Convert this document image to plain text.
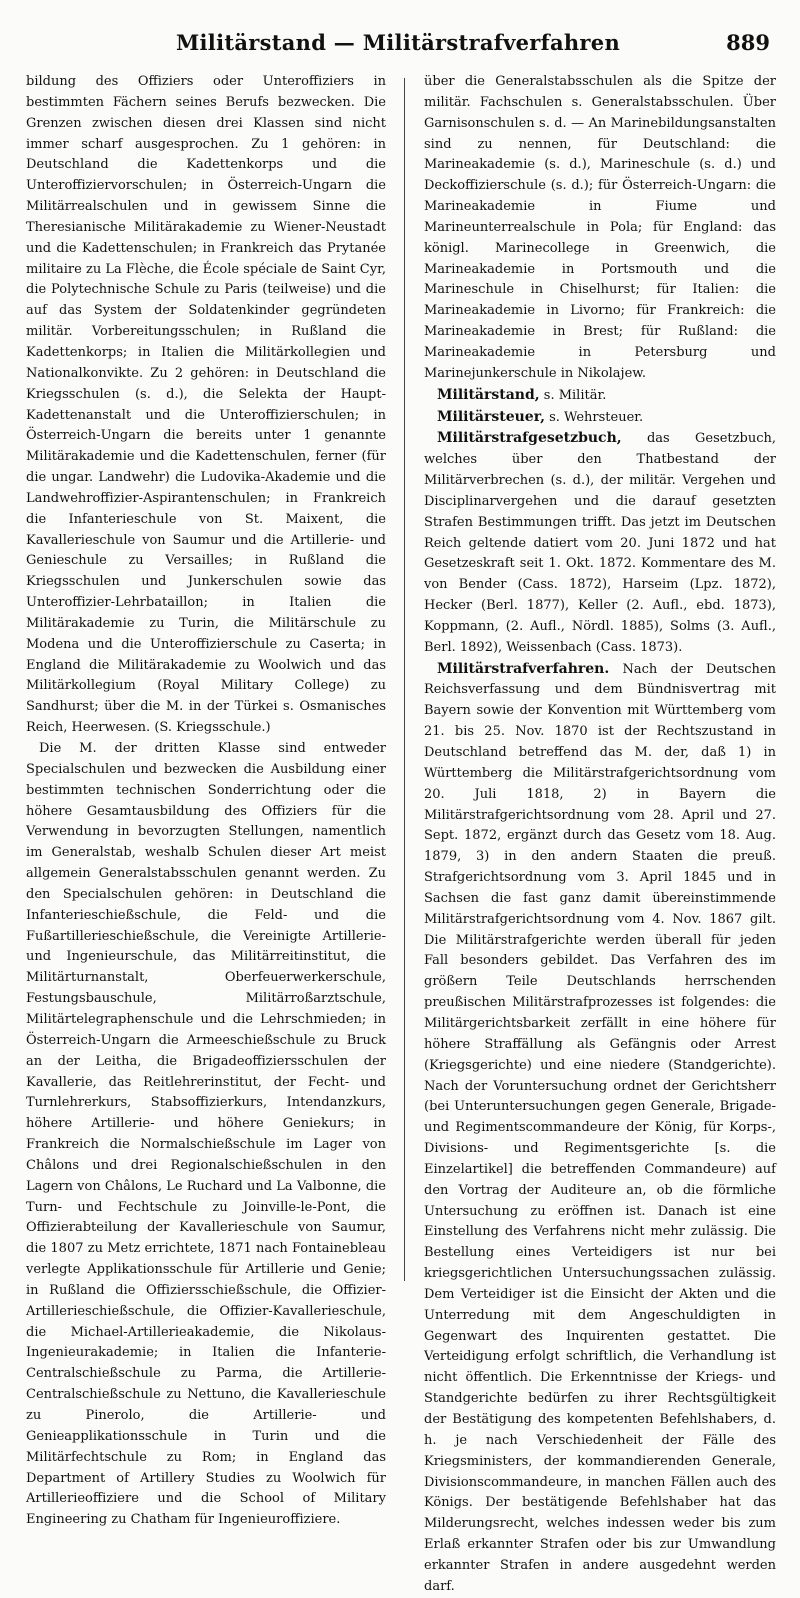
Militärstand — Militärstrafverfahren	889

bildung des Offiziers oder Unteroffiziers in bestimmten Fächern seines Berufs bezwecken. Die Grenzen zwischen diesen drei Klassen sind nicht immer scharf ausgesprochen. Zu 1 gehören: in Deutschland die Kadettenkorps und die Unteroffiziervorschulen; in Österreich-Ungarn die Militärrealschulen und in gewissem Sinne die Theresianische Militärakademie zu Wiener-Neustadt und die Kadettenschulen; in Frankreich das Prytanée militaire zu La Flèche, die École spéciale de Saint Cyr, die Polytechnische Schule zu Paris (teilweise) und die auf das System der Soldatenkinder gegründeten militär. Vorbereitungsschulen; in Rußland die Kadettenkorps; in Italien die Militärkollegien und Nationalkonvikte. Zu 2 gehören: in Deutschland die Kriegsschulen (s. d.), die Selekta der Haupt-Kadettenanstalt und die Unteroffizierschulen; in Österreich-Ungarn die bereits unter 1 genannte Militärakademie und die Kadettenschulen, ferner (für die ungar. Landwehr) die Ludovika-Akademie und die Landwehroffizier-Aspirantenschulen; in Frankreich die Infanterieschule von St. Maixent, die Kavallerieschule von Saumur und die Artillerie- und Genieschule zu Versailles; in Rußland die Kriegsschulen und Junkerschulen sowie das Unteroffizier-Lehrbataillon; in Italien die Militärakademie zu Turin, die Militärschule zu Modena und die Unteroffizierschule zu Caserta; in England die Militärakademie zu Woolwich und das Militärkollegium (Royal Military College) zu Sandhurst; über die M. in der Türkei s. Osmanisches Reich, Heerwesen. (S. Kriegsschule.)

Die M. der dritten Klasse sind entweder Specialschulen und bezwecken die Ausbildung einer bestimmten technischen Sonderrichtung oder die höhere Gesamtausbildung des Offiziers für die Verwendung in bevorzugten Stellungen, namentlich im Generalstab, weshalb Schulen dieser Art meist allgemein Generalstabsschulen genannt werden. Zu den Specialschulen gehören: in Deutschland die Infanterieschießschule, die Feld- und die Fußartillerieschießschule, die Vereinigte Artillerie- und Ingenieurschule, das Militärreitinstitut, die Militärturnanstalt, Oberfeuerwerkerschule, Festungsbauschule, Militärroßarztschule, Militärtelegraphenschule und die Lehrschmieden; in Österreich-Ungarn die Armeeschießschule zu Bruck an der Leitha, die Brigadeoffiziersschulen der Kavallerie, das Reitlehrerinstitut, der Fecht- und Turnlehrerkurs, Stabsoffizierkurs, Intendanzkurs, höhere Artillerie- und höhere Geniekurs; in Frankreich die Normalschießschule im Lager von Châlons und drei Regionalschießschulen in den Lagern von Châlons, Le Ruchard und La Valbonne, die Turn- und Fechtschule zu Joinville-le-Pont, die Offizierabteilung der Kavallerieschule von Saumur, die 1807 zu Metz errichtete, 1871 nach Fontainebleau verlegte Applikationsschule für Artillerie und Genie; in Rußland die Offiziersschießschule, die Offizier-Artillerieschießschule, die Offizier-Kavallerieschule, die Michael-Artillerieakademie, die Nikolaus-Ingenieurakademie; in Italien die Infanterie-Centralschießschule zu Parma, die Artillerie-Centralschießschule zu Nettuno, die Kavallerieschule zu Pinerolo, die Artillerie- und Genieapplikationsschule in Turin und die Militärfechtschule zu Rom; in England das Department of Artillery Studies zu Woolwich für Artillerieoffiziere und die School of Military Engineering zu Chatham für Ingenieuroffiziere.

über die Generalstabsschulen als die Spitze der militär. Fachschulen s. Generalstabsschulen. Über Garnisonschulen s. d. — An Marinebildungsanstalten sind zu nennen, für Deutschland: die Marineakademie (s. d.), Marineschule (s. d.) und Deckoffizierschule (s. d.); für Österreich-Ungarn: die Marineakademie in Fiume und Marineunterrealschule in Pola; für England: das königl. Marinecollege in Greenwich, die Marineakademie in Portsmouth und die Marineschule in Chiselhurst; für Italien: die Marineakademie in Livorno; für Frankreich: die Marineakademie in Brest; für Rußland: die Marineakademie in Petersburg und Marinejunkerschule in Nikolajew.

Militärstand, s. Militär.

Militärsteuer, s. Wehrsteuer.

Militärstrafgesetzbuch, das Gesetzbuch, welches über den Thatbestand der Militärverbrechen (s. d.), der militär. Vergehen und Disciplinarvergehen und die darauf gesetzten Strafen Bestimmungen trifft. Das jetzt im Deutschen Reich geltende datiert vom 20. Juni 1872 und hat Gesetzeskraft seit 1. Okt. 1872. Kommentare des M. von Bender (Cass. 1872), Harseim (Lpz. 1872), Hecker (Berl. 1877), Keller (2. Aufl., ebd. 1873), Koppmann, (2. Aufl., Nördl. 1885), Solms (3. Aufl., Berl. 1892), Weissenbach (Cass. 1873).

Militärstrafverfahren. Nach der Deutschen Reichsverfassung und dem Bündnisvertrag mit Bayern sowie der Konvention mit Württemberg vom 21. bis 25. Nov. 1870 ist der Rechtszustand in Deutschland betreffend das M. der, daß 1) in Württemberg die Militärstrafgerichtsordnung vom 20. Juli 1818, 2) in Bayern die Militärstrafgerichtsordnung vom 28. April und 27. Sept. 1872, ergänzt durch das Gesetz vom 18. Aug. 1879, 3) in den andern Staaten die preuß. Strafgerichtsordnung vom 3. April 1845 und in Sachsen die fast ganz damit übereinstimmende Militärstrafgerichtsordnung vom 4. Nov. 1867 gilt. Die Militärstrafgerichte werden überall für jeden Fall besonders gebildet. Das Verfahren des im größern Teile Deutschlands herrschenden preußischen Militärstrafprozesses ist folgendes: die Militärgerichtsbarkeit zerfällt in eine höhere für höhere Straffällung als Gefängnis oder Arrest (Kriegsgerichte) und eine niedere (Standgerichte). Nach der Voruntersuchung ordnet der Gerichtsherr (bei Unteruntersuchungen gegen Generale, Brigade- und Regimentscommandeure der König, für Korps-, Divisions- und Regimentsgerichte [s. die Einzelartikel] die betreffenden Commandeure) auf den Vortrag der Auditeure an, ob die förmliche Untersuchung zu eröffnen ist. Danach ist eine Einstellung des Verfahrens nicht mehr zulässig. Die Bestellung eines Verteidigers ist nur bei kriegsgerichtlichen Untersuchungssachen zulässig. Dem Verteidiger ist die Einsicht der Akten und die Unterredung mit dem Angeschuldigten in Gegenwart des Inquirenten gestattet. Die Verteidigung erfolgt schriftlich, die Verhandlung ist nicht öffentlich. Die Erkenntnisse der Kriegs- und Standgerichte bedürfen zu ihrer Rechtsgültigkeit der Bestätigung des kompetenten Befehlshabers, d. h. je nach Verschiedenheit der Fälle des Kriegsministers, der kommandierenden Generale, Divisionscommandeure, in manchen Fällen auch des Königs. Der bestätigende Befehlshaber hat das Milderungsrecht, welches indessen weder bis zum Erlaß erkannter Strafen oder bis zur Umwandlung erkannter Strafen in andere ausgedehnt werden darf.
